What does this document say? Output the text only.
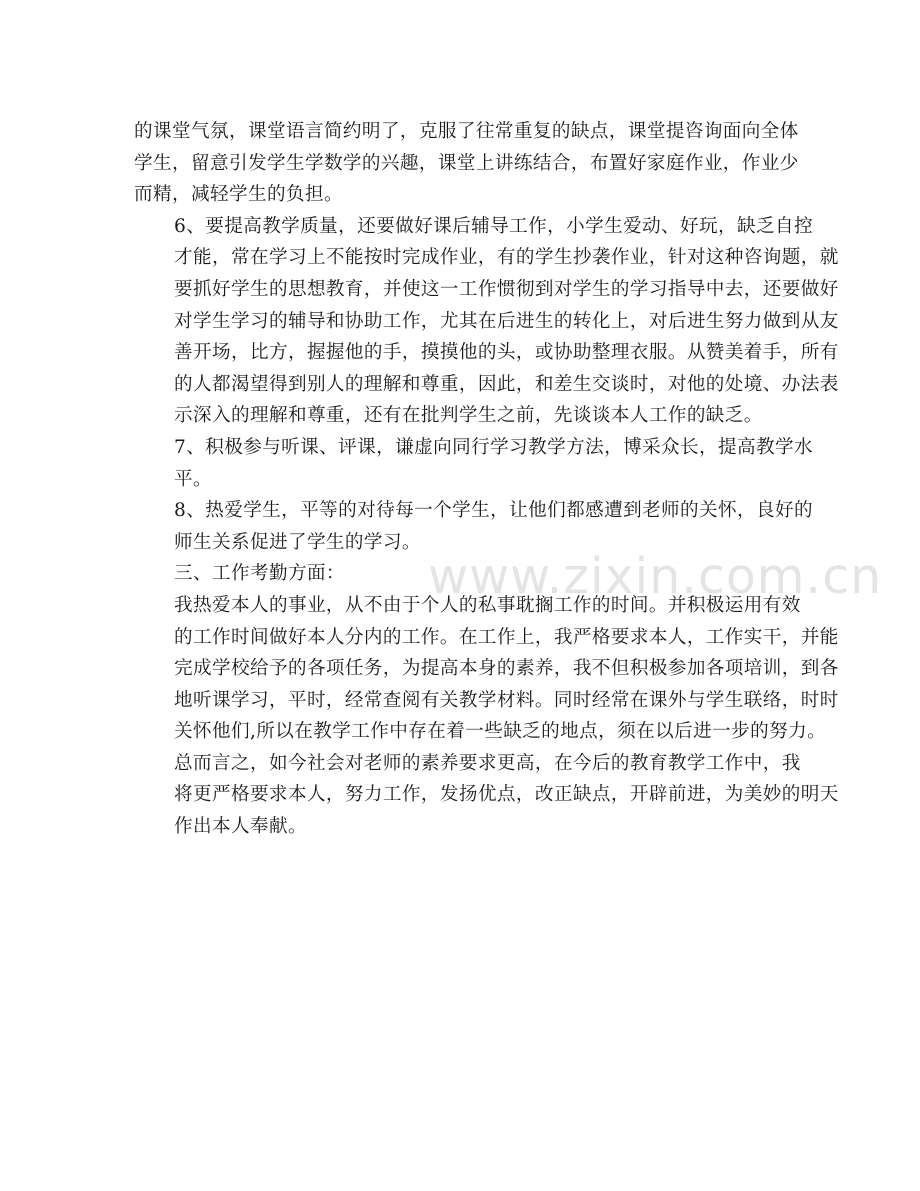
的课堂气氛，课堂语言简约明了，克服了往常重复的缺点，课堂提咨询面向全体
学生，留意引发学生学数学的兴趣，课堂上讲练结合，布置好家庭作业，作业少
而精，减轻学生的负担。
6、要提高教学质量，还要做好课后辅导工作，小学生爱动、好玩，缺乏自控
才能，常在学习上不能按时完成作业，有的学生抄袭作业，针对这种咨询题，就
要抓好学生的思想教育，并使这一工作惯彻到对学生的学习指导中去，还要做好
对学生学习的辅导和协助工作，尤其在后进生的转化上，对后进生努力做到从友
善开场，比方，握握他的手，摸摸他的头，或协助整理衣服。从赞美着手，所有
的人都渴望得到别人的理解和尊重，因此，和差生交谈时，对他的处境、办法表
示深入的理解和尊重，还有在批判学生之前，先谈谈本人工作的缺乏。
7、积极参与听课、评课，谦虚向同行学习教学方法，博采众长，提高教学水
平。
8、热爱学生，平等的对待每一个学生，让他们都感遭到老师的关怀，良好的
师生关系促进了学生的学习。
三、工作考勤方面：
我热爱本人的事业，从不由于个人的私事耽搁工作的时间。并积极运用有效
的工作时间做好本人分内的工作。在工作上，我严格要求本人，工作实干，并能
完成学校给予的各项任务，为提高本身的素养，我不但积极参加各项培训，到各
地听课学习，平时，经常查阅有关教学材料。同时经常在课外与学生联络，时时
关怀他们,所以在教学工作中存在着一些缺乏的地点，须在以后进一步的努力。
总而言之，如今社会对老师的素养要求更高，在今后的教育教学工作中，我
将更严格要求本人，努力工作，发扬优点，改正缺点，开辟前进，为美妙的明天
作出本人奉献。
www.zixin.com.cn
